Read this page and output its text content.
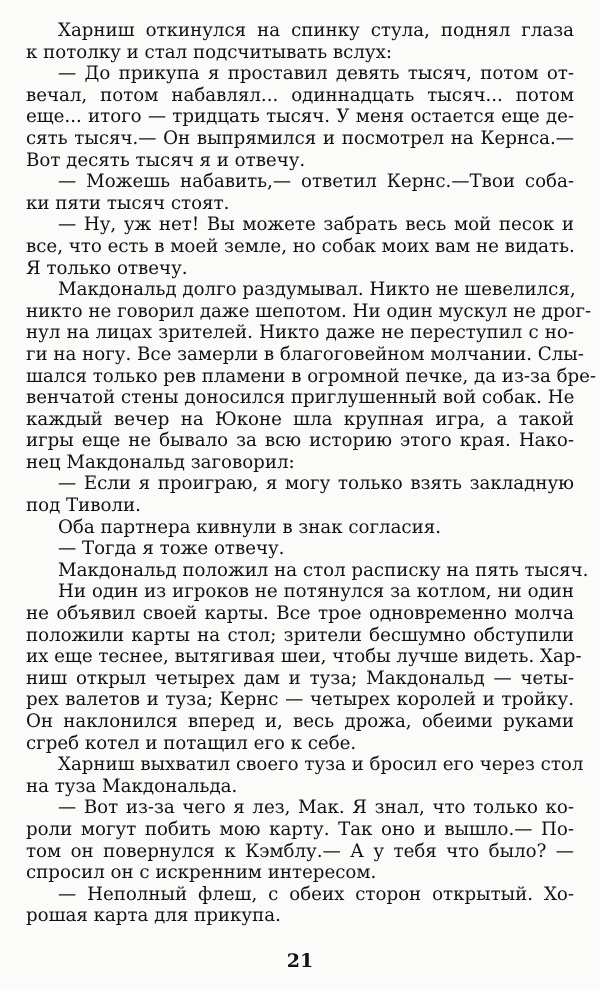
Харниш откинулся на спинку стула, поднял глаза
к потолку и стал подсчитывать вслух:

— До прикупа я проставил девять тысяч, потом от-
вечал, потом набавлял... одиннадцать тысяч... потом
еще... итого — тридцать тысяч. У меня остается еще де-
сять тысяч.— Он выпрямился и посмотрел на Кернса.—
Вот десять тысяч я и отвечу.

— Можешь набавить,— ответил Кернс.—Твои соба-
ки пяти тысяч стоят.

— Ну, уж нет! Вы можете забрать весь мой песок и
все, что есть в моей земле, но собак моих вам не видать.
Я только отвечу.

Макдональд долго раздумывал. Никто не шевелился,
никто не говорил даже шепотом. Ни один мускул не дрог-
нул на лицах зрителей. Никто даже не переступил с но-
ги на ногу. Все замерли в благоговейном молчании. Слы-
шался только рев пламени в огромной печке, да из-за бре-
венчатой стены доносился приглушенный вой собак. Не
каждый вечер на Юконе шла крупная игра, а такой
игры еще не бывало за всю историю этого края. Нако-
нец Макдональд заговорил:

— Если я проиграю, я могу только взять закладную
под Тиволи.

Оба партнера кивнули в знак согласия.

— Тогда я тоже отвечу.

Макдональд положил на стол расписку на пять тысяч.

Ни один из игроков не потянулся за котлом, ни один
не объявил своей карты. Все трое одновременно молча
положили карты на стол; зрители бесшумно обступили
их еще теснее, вытягивая шеи, чтобы лучше видеть. Хар-
ниш открыл четырех дам и туза; Макдональд — четы-
рех валетов и туза; Кернс — четырех королей и тройку.
Он наклонился вперед и, весь дрожа, обеими руками
сгреб котел и потащил его к себе.

Харниш выхватил своего туза и бросил его через стол
на туза Макдональда.

— Вот из-за чего я лез, Мак. Я знал, что только ко-
роли могут побить мою карту. Так оно и вышло.— По-
том он повернулся к Кэмблу.— А у тебя что было? —
спросил он с искренним интересом.

— Неполный флеш, с обеих сторон открытый. Хо-
рошая карта для прикупа.

21
